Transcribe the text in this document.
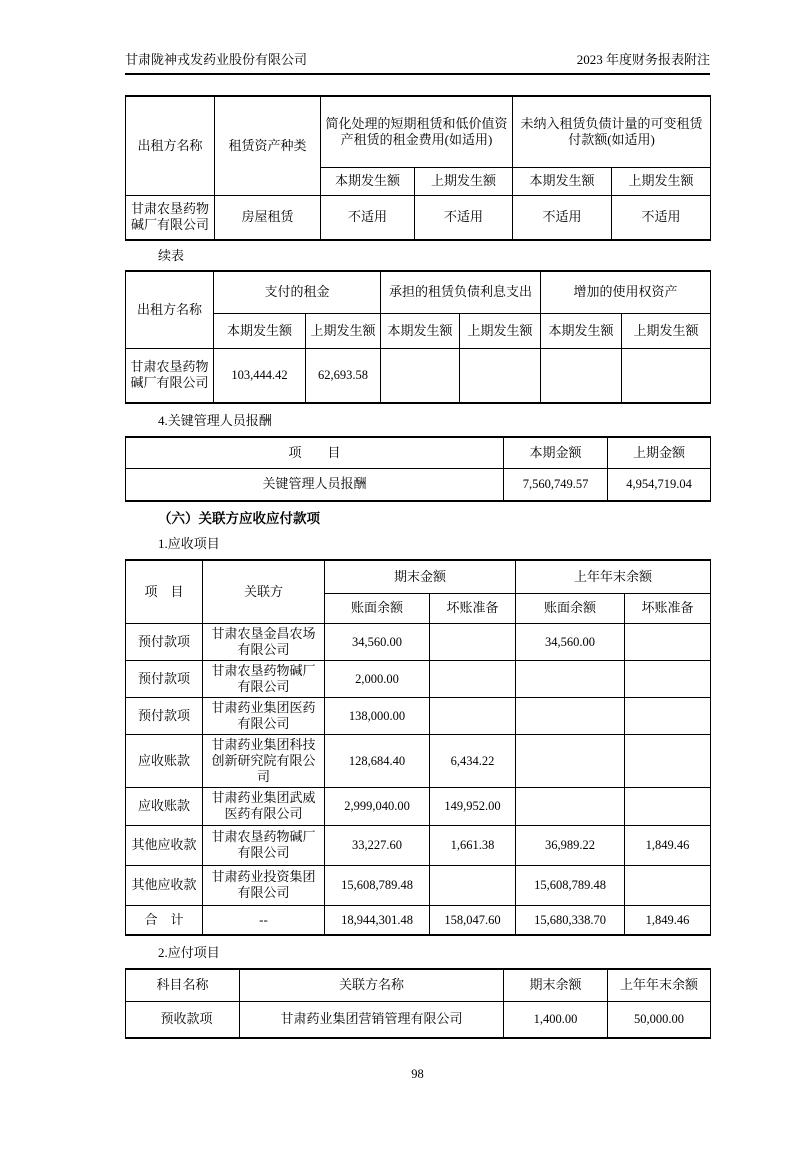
甘肃陇神戎发药业股份有限公司	2023 年度财务报表附注
出租方名称	租赁资产种类	简化处理的短期租赁和低价值资产租赁的租金费用(如适用)		未纳入租赁负债计量的可变租赁付款额(如适用)	
		本期发生额	上期发生额	本期发生额	上期发生额
甘肃农垦药物碱厂有限公司	房屋租赁	不适用	不适用	不适用	不适用
续表
出租方名称	支付的租金		承担的租赁负债利息支出		增加的使用权资产	
	本期发生额	上期发生额	本期发生额	上期发生额	本期发生额	上期发生额
甘肃农垦药物碱厂有限公司	103,444.42	62,693.58				
4.关键管理人员报酬
项　　目	本期金额	上期金额
关键管理人员报酬	7,560,749.57	4,954,719.04
（六）关联方应收应付款项
1.应收项目
项　目	关联方	期末金额		上年年末余额	
		账面余额	坏账准备	账面余额	坏账准备
预付款项	甘肃农垦金昌农场有限公司	34,560.00		34,560.00	
预付款项	甘肃农垦药物碱厂有限公司	2,000.00			
预付款项	甘肃药业集团医药有限公司	138,000.00			
应收账款	甘肃药业集团科技创新研究院有限公司	128,684.40	6,434.22		
应收账款	甘肃药业集团武威医药有限公司	2,999,040.00	149,952.00		
其他应收款	甘肃农垦药物碱厂有限公司	33,227.60	1,661.38	36,989.22	1,849.46
其他应收款	甘肃药业投资集团有限公司	15,608,789.48		15,608,789.48	
合　计	--	18,944,301.48	158,047.60	15,680,338.70	1,849.46
2.应付项目
科目名称	关联方名称	期末余额	上年年末余额
预收款项	甘肃药业集团营销管理有限公司	1,400.00	50,000.00
98
